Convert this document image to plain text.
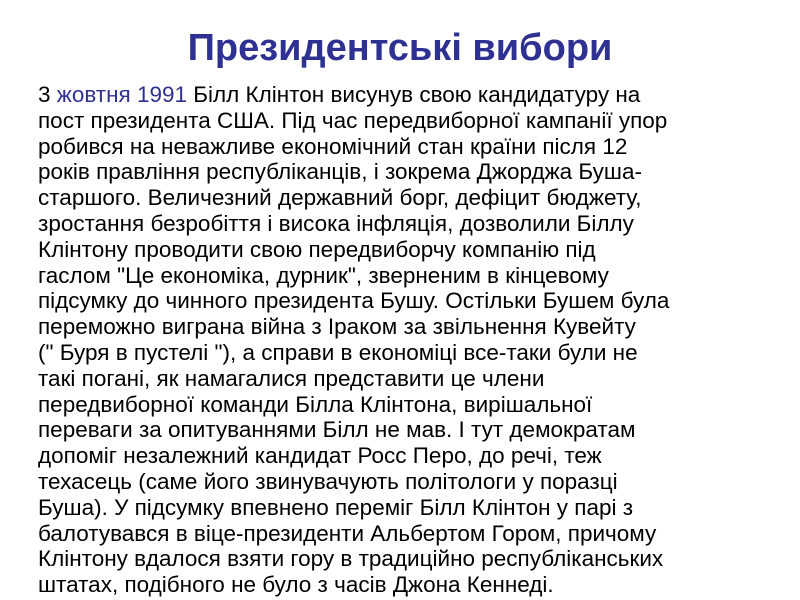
Президентські вибори
3 жовтня 1991 Білл Клінтон висунув свою кандидатуру на
пост президента США. Під час передвиборної кампанії упор
робився на неважливе економічний стан країни після 12
років правління республіканців, і зокрема Джорджа Буша-
старшого. Величезний державний борг, дефіцит бюджету,
зростання безробіття і висока інфляція, дозволили Біллу
Клінтону проводити свою передвиборчу компанію під
гаслом "Це економіка, дурник", зверненим в кінцевому
підсумку до чинного президента Бушу. Остільки Бушем була
переможно виграна війна з Іраком за звільнення Кувейту
(" Буря в пустелі "), а справи в економіці все-таки були не
такі погані, як намагалися представити це члени
передвиборної команди Білла Клінтона, вирішальної
переваги за опитуваннями Білл не мав. І тут демократам
допоміг незалежний кандидат Росс Перо, до речі, теж
техасець (саме його звинувачують політологи у поразці
Буша). У підсумку впевнено переміг Білл Клінтон у парі з
балотувався в віце-президенти Альбертом Гором, причому
Клінтону вдалося взяти гору в традиційно республіканських
штатах, подібного не було з часів Джона Кеннеді.
